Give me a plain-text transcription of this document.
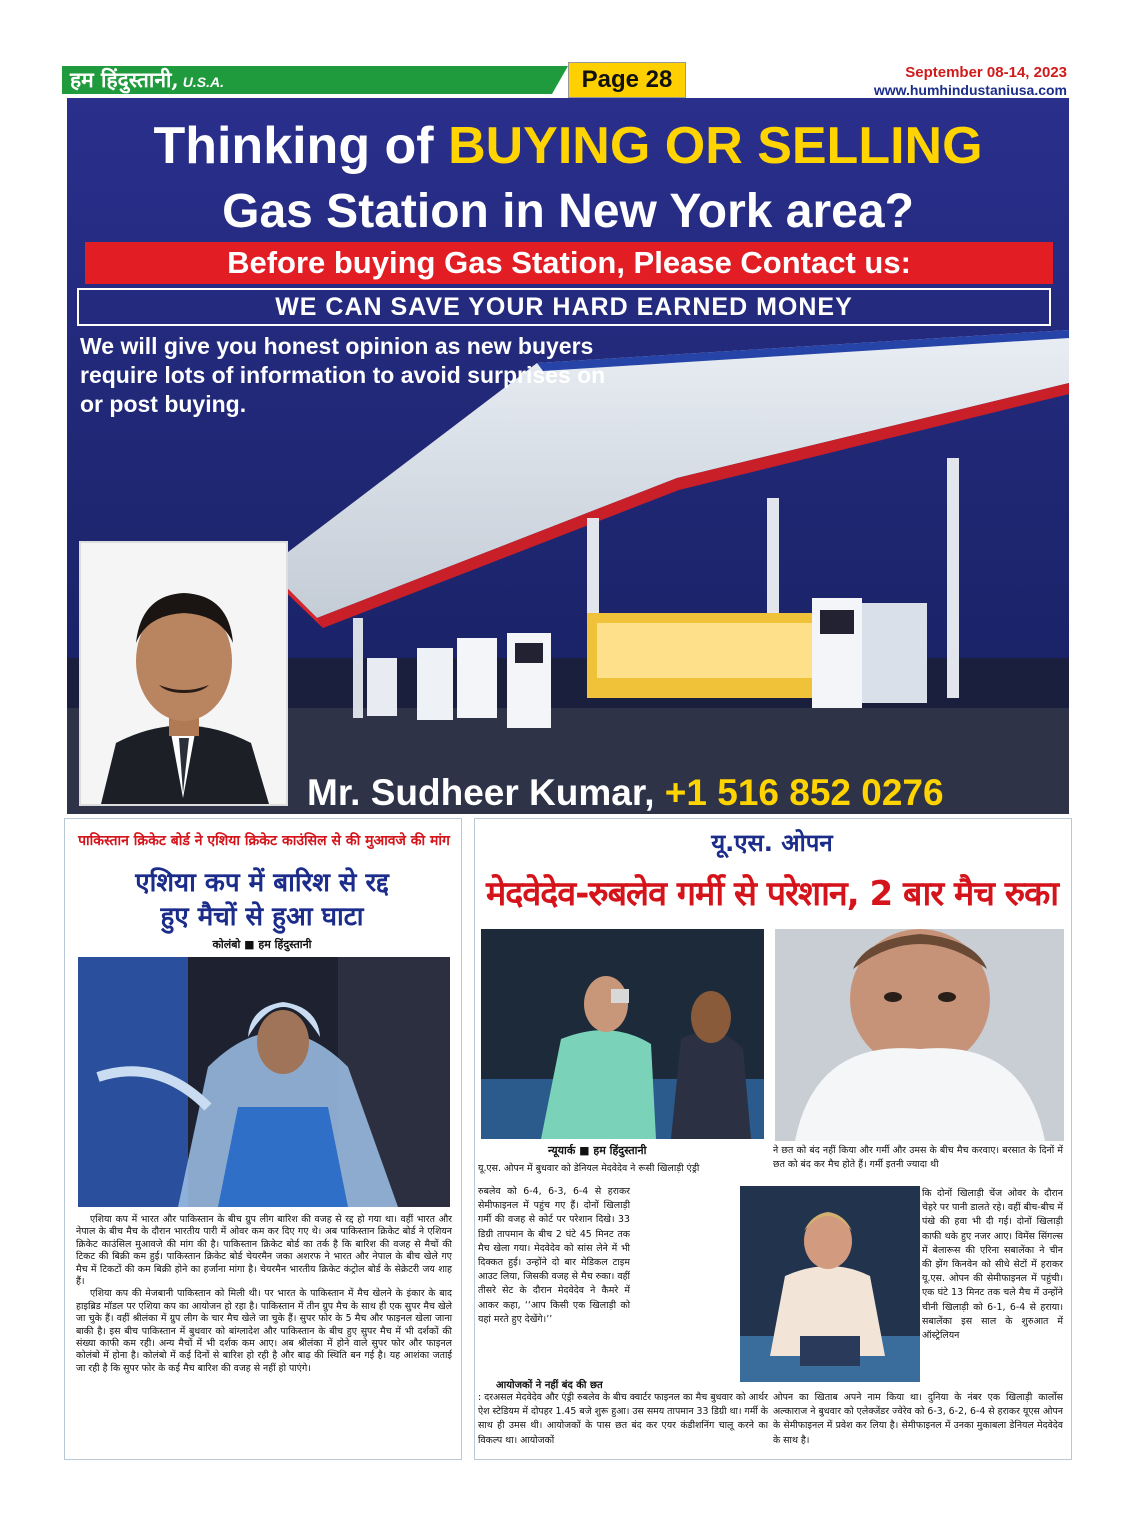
हम हिंदुस्तानी, U.S.A.	Page 28	September 08-14, 2023
www.humhindustaniusa.com
Thinking of BUYING OR SELLING
Gas Station in New York area?
Before buying Gas Station, Please Contact us:
WE CAN SAVE YOUR HARD EARNED MONEY
We will give you honest opinion as new buyers require lots of information to avoid surprises on or post buying.
Mr. Sudheer Kumar, +1 516 852 0276
पाकिस्तान क्रिकेट बोर्ड ने एशिया क्रिकेट काउंसिल से की मुआवजे की मांग
एशिया कप में बारिश से रद्द
हुए मैचों से हुआ घाटा
कोलंबो ■ हम हिंदुस्तानी

एशिया कप में भारत और पाकिस्तान के बीच ग्रुप लीग बारिश की वजह से रद्द हो गया था। वहीं भारत और नेपाल के बीच मैच के दौरान भारतीय पारी में ओवर कम कर दिए गए थे। अब पाकिस्तान क्रिकेट बोर्ड ने एशियन क्रिकेट काउंसिल मुआवजे की मांग की है। पाकिस्तान क्रिकेट बोर्ड का तर्क है कि बारिश की वजह से मैचों की टिकट की बिक्री कम हुई। पाकिस्तान क्रिकेट बोर्ड चेयरमैन जका अशरफ ने भारत और नेपाल के बीच खेले गए मैच में टिकटों की कम बिक्री होने का हर्जाना मांगा है। चेयरमैन भारतीय क्रिकेट कंट्रोल बोर्ड के सेक्रेटरी जय शाह हैं।

एशिया कप की मेजबानी पाकिस्तान को मिली थी। पर भारत के पाकिस्तान में मैच खेलने के इंकार के बाद हाइब्रिड मॉडल पर एशिया कप का आयोजन हो रहा है। पाकिस्तान में तीन ग्रुप मैच के साथ ही एक सुपर मैच खेले जा चुके हैं। वहीं श्रीलंका में ग्रुप लीग के चार मैच खेले जा चुके हैं। सुपर फोर के 5 मैच और फाइनल खेला जाना बाकी है। इस बीच पाकिस्तान में बुधवार को बांग्लादेश और पाकिस्तान के बीच हुए सुपर मैच में भी दर्शकों की संख्या काफी कम रही। अन्य मैचों में भी दर्शक कम आए। अब श्रीलंका में होने वाले सुपर फोर और फाइनल कोलंबो में होना है। कोलंबो में कई दिनों से बारिश हो रही है और बाढ़ की स्थिति बन गई है। यह आशंका जताई जा रही है कि सुपर फोर के कई मैच बारिश की वजह से नहीं हो पाएंगे।

यू.एस. ओपन
मेदवेदेव-रुबलेव गर्मी से परेशान, 2 बार मैच रुका
न्यूयार्क ■ हम हिंदुस्तानी
यू.एस. ओपन में बुधवार को डेनियल मेदवेदेव ने रूसी खिलाड़ी एंड्री
रुबलेव को 6-4, 6-3, 6-4 से हराकर सेमीफाइनल में पहुंच गए हैं। दोनों खिलाड़ी गर्मी की वजह से कोर्ट पर परेशान दिखे। 33 डिग्री तापमान के बीच 2 घंटे 45 मिनट तक मैच खेला गया। मेदवेदेव को सांस लेने में भी दिक्कत हुई। उन्होंने दो बार मेडिकल टाइम आउट लिया, जिसकी वजह से मैच रुका। वहीं तीसरे सेट के दौरान मेदवेदेव ने कैमरे में आकर कहा, ‘‘आप किसी एक खिलाड़ी को यहां मरते हुए देखेंगे।’’
ने छत को बंद नहीं किया और गर्मी और उमस के बीच मैच करवाए। बरसात के दिनों में छत को बंद कर मैच होते हैं। गर्मी इतनी ज्यादा थी
कि दोनों खिलाड़ी चेंज ओवर के दौरान चेहरे पर पानी डालते रहे। वहीं बीच-बीच में पंखे की हवा भी दी गई। दोनों खिलाड़ी काफी थके हुए नजर आए। विमेंस सिंगल्स में बेलारूस की एरिना सबालेंका ने चीन की झेंग किनवेन को सीधे सेटों में हराकर यू.एस. ओपन की सेमीफाइनल में पहुंची। एक घंटे 13 मिनट तक चले मैच में उन्होंने चीनी खिलाड़ी को 6-1, 6-4 से हराया। सबालेंका इस साल के शुरुआत में ऑस्ट्रेलियन
आयोजकों ने नहीं बंद की छत
: दरअसल मेदवेदेव और एंड्री रुबलेव के बीच क्वार्टर फाइनल का मैच बुधवार को आर्थर ऐश स्टेडियम में दोपहर 1.45 बजे शुरू हुआ। उस समय तापमान 33 डिग्री था। गर्मी के साथ ही उमस थी। आयोजकों के पास छत बंद कर एयर कंडीशनिंग चालू करने का विकल्प था। आयोजकों
ओपन का खिताब अपने नाम किया था। दुनिया के नंबर एक खिलाड़ी कार्लोस अल्काराज ने बुधवार को एलेक्जेंडर ज्वेरेव को 6-3, 6-2, 6-4 से हराकर यूएस ओपन के सेमीफाइनल में प्रवेश कर लिया है। सेमीफाइनल में उनका मुकाबला डेनियल मेदवेदेव के साथ है।
